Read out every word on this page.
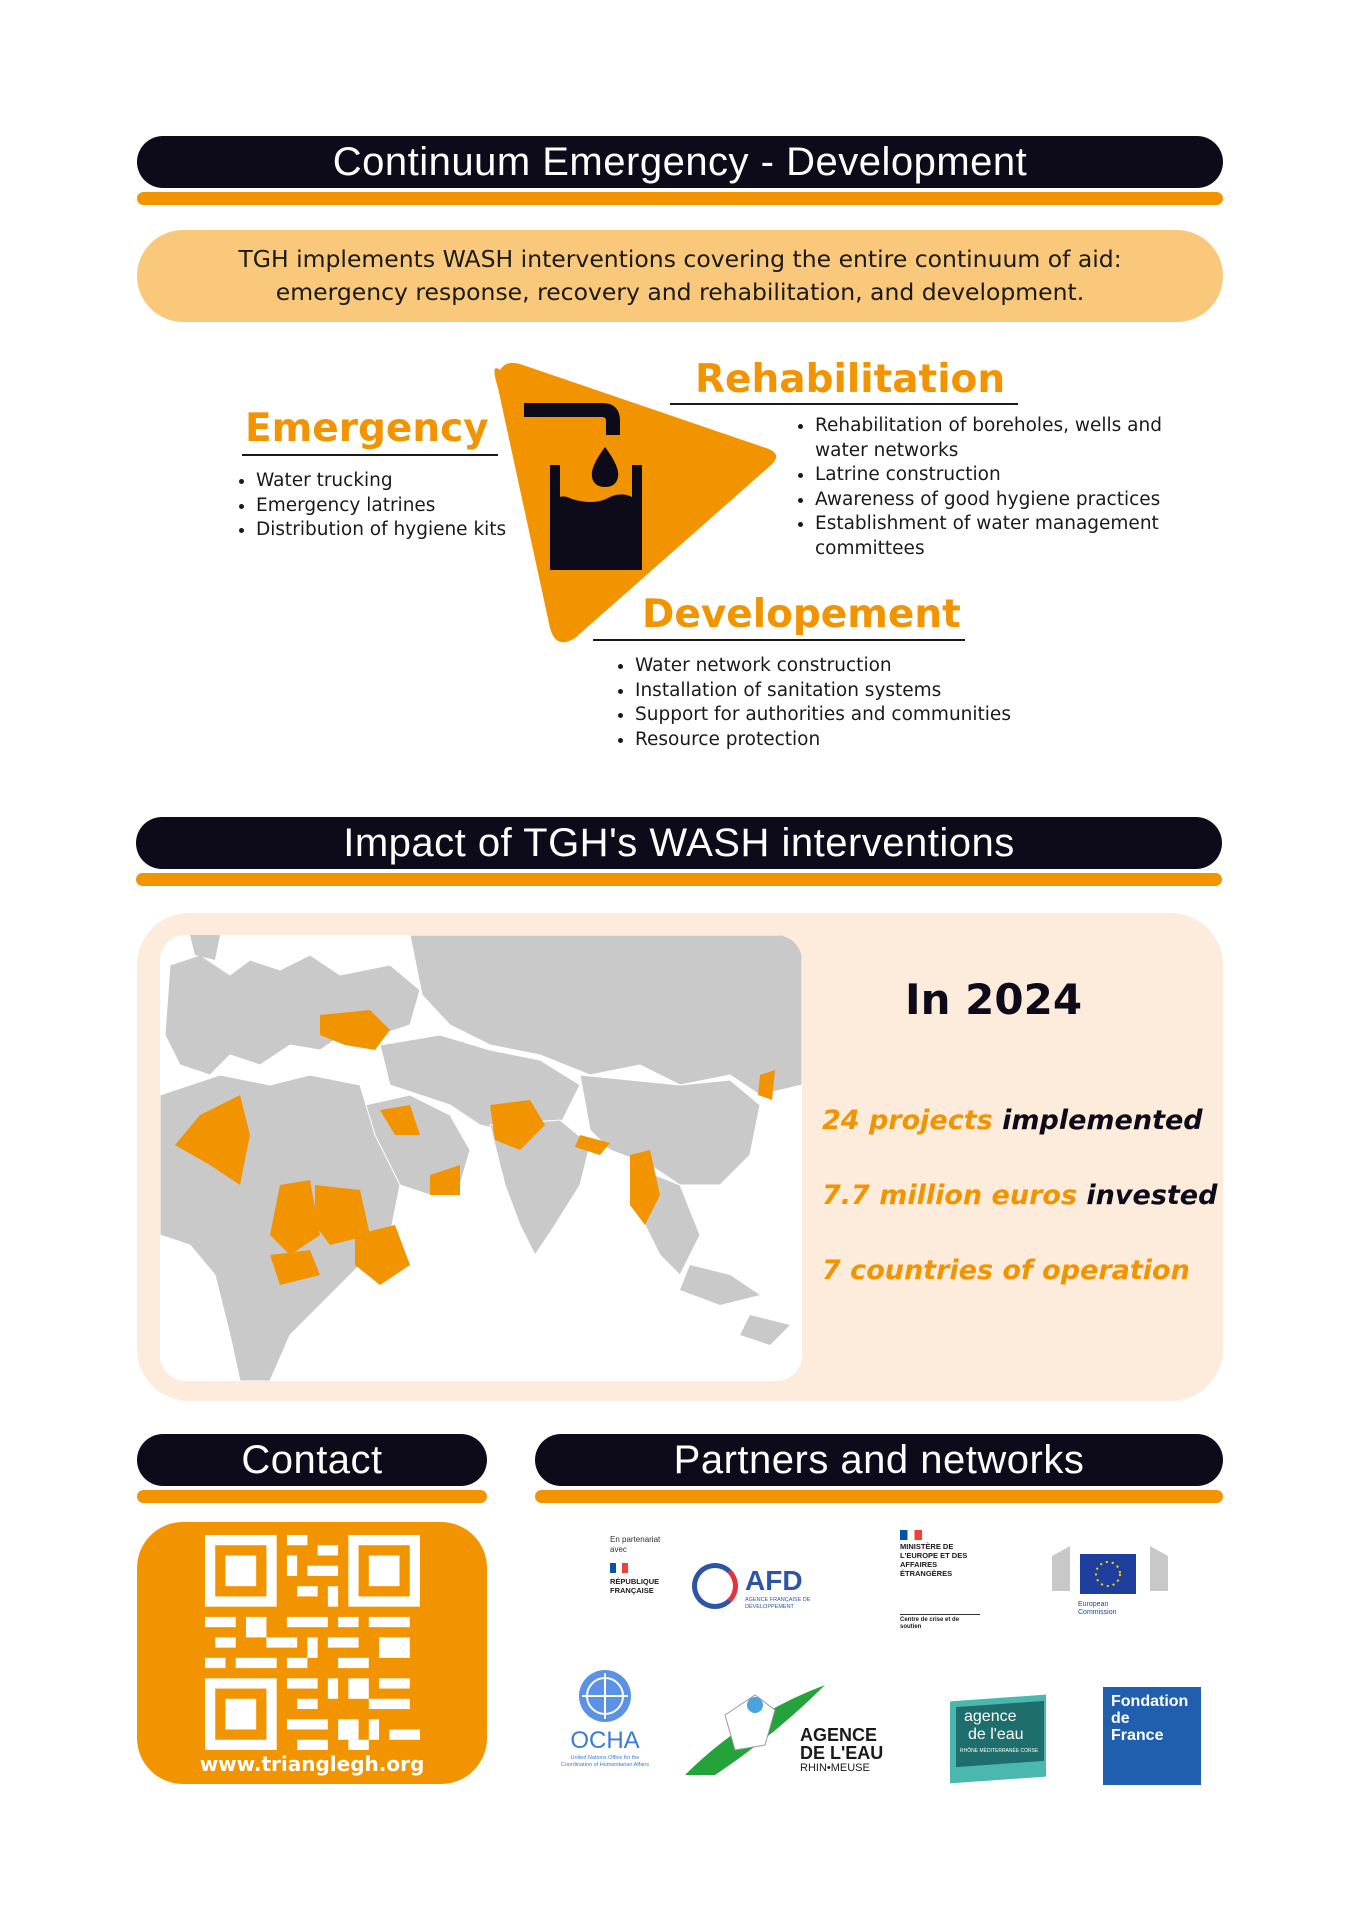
Continuum Emergency - Development
TGH implements WASH interventions covering the entire continuum of aid:
emergency response, recovery and rehabilitation, and development.
Emergency
• Water trucking
• Emergency latrines
• Distribution of hygiene kits
Rehabilitation
• Rehabilitation of boreholes, wells and water networks
• Latrine construction
• Awareness of good hygiene practices
• Establishment of water management committees
Developement
• Water network construction
• Installation of sanitation systems
• Support for authorities and communities
• Resource protection
Impact of TGH's WASH interventions
In 2024
24 projects implemented
7.7 million euros invested
7 countries of operation
Contact	Partners and networks
www.trianglegh.org
En partenariat avec
RÉPUBLIQUE FRANÇAISE	AFD
AGENCE FRANÇAISE DE DÉVELOPPEMENT
MINISTÈRE DE L'EUROPE ET DES AFFAIRES ÉTRANGÈRES
Centre de crise et de soutien
European Commission
OCHA
United Nations Office for the Coordination of Humanitarian Affairs
AGENCE
DE L'EAU
RHIN•MEUSE
agence
de l'eau
RHÔNE MÉDITERRANÉE CORSE
Fondation
de
France
